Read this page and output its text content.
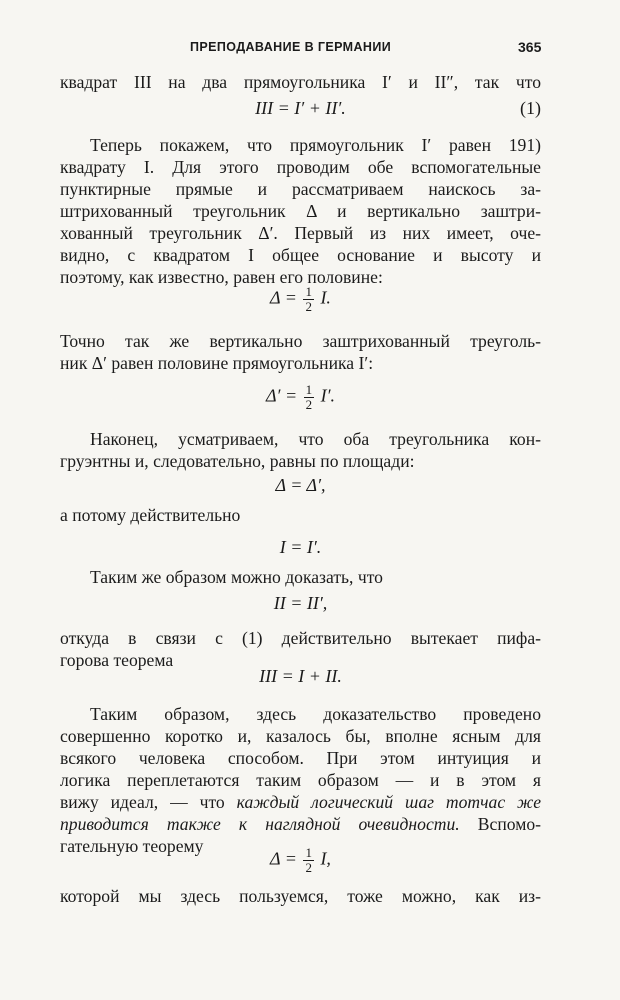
ПРЕПОДАВАНИЕ В ГЕРМАНИИ	365
квадрат III на два прямоугольника I′ и II″, так что
III = I′ + II′.	(1)
Теперь покажем, что прямоугольник I′ равен 191)
квадрату I. Для этого проводим обе вспомогательные
пунктирные прямые и рассматриваем наискось за-
штрихованный треугольник Δ и вертикально заштри-
хованный треугольник Δ′. Первый из них имеет, оче-
видно, с квадратом I общее основание и высоту и
поэтому, как известно, равен его половине:
$\Delta = \frac{1}{2} I$.
Точно так же вертикально заштрихованный треуголь-
ник Δ′ равен половине прямоугольника I′:
$\Delta' = \frac{1}{2} I'$.
Наконец, усматриваем, что оба треугольника кон-
груэнтны и, следовательно, равны по площади:
Δ = Δ′,
а потому действительно
I = I′.
Таким же образом можно доказать, что
II = II′,
откуда в связи с (1) действительно вытекает пифа-
горова теорема
III = I + II.
Таким образом, здесь доказательство проведено
совершенно коротко и, казалось бы, вполне ясным для
всякого человека способом. При этом интуиция и
логика переплетаются таким образом — и в этом я
вижу идеал, — что каждый логический шаг тотчас же
приводится также к наглядной очевидности. Вспомо-
гательную теорему
$\Delta = \frac{1}{2} I$,
которой мы здесь пользуемся, тоже можно, как из-
